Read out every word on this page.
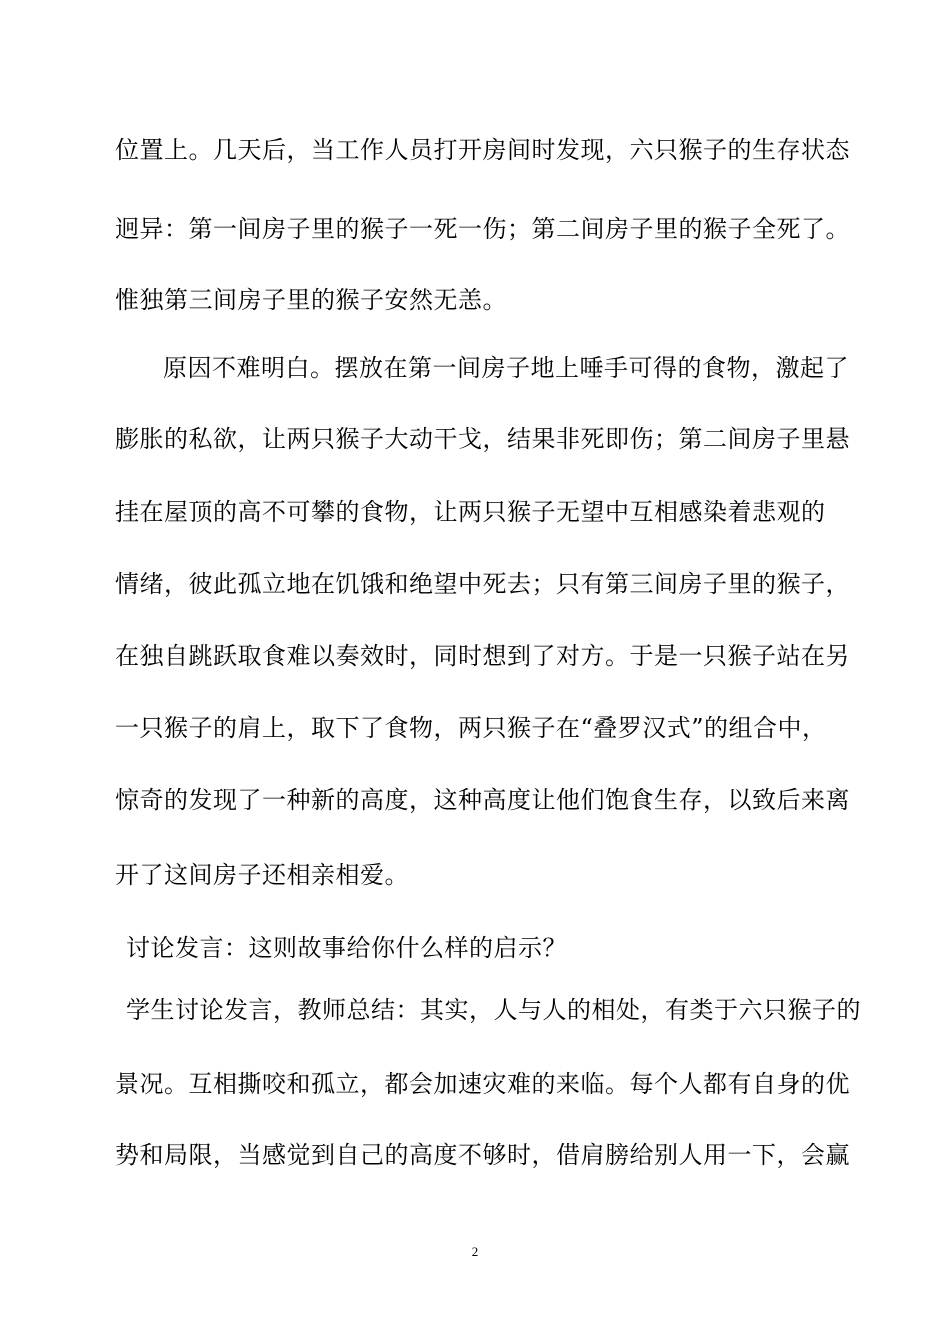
位置上。几天后，当工作人员打开房间时发现，六只猴子的生存状态
迥异：第一间房子里的猴子一死一伤；第二间房子里的猴子全死了。
惟独第三间房子里的猴子安然无恙。
原因不难明白。摆放在第一间房子地上唾手可得的食物，激起了
膨胀的私欲，让两只猴子大动干戈，结果非死即伤；第二间房子里悬
挂在屋顶的高不可攀的食物，让两只猴子无望中互相感染着悲观的
情绪，彼此孤立地在饥饿和绝望中死去；只有第三间房子里的猴子，
在独自跳跃取食难以奏效时，同时想到了对方。于是一只猴子站在另
一只猴子的肩上，取下了食物，两只猴子在“叠罗汉式”的组合中，
惊奇的发现了一种新的高度，这种高度让他们饱食生存，以致后来离
开了这间房子还相亲相爱。
讨论发言：这则故事给你什么样的启示？
学生讨论发言，教师总结：其实，人与人的相处，有类于六只猴子的
景况。互相撕咬和孤立，都会加速灾难的来临。每个人都有自身的优
势和局限，当感觉到自己的高度不够时，借肩膀给别人用一下，会赢
2
